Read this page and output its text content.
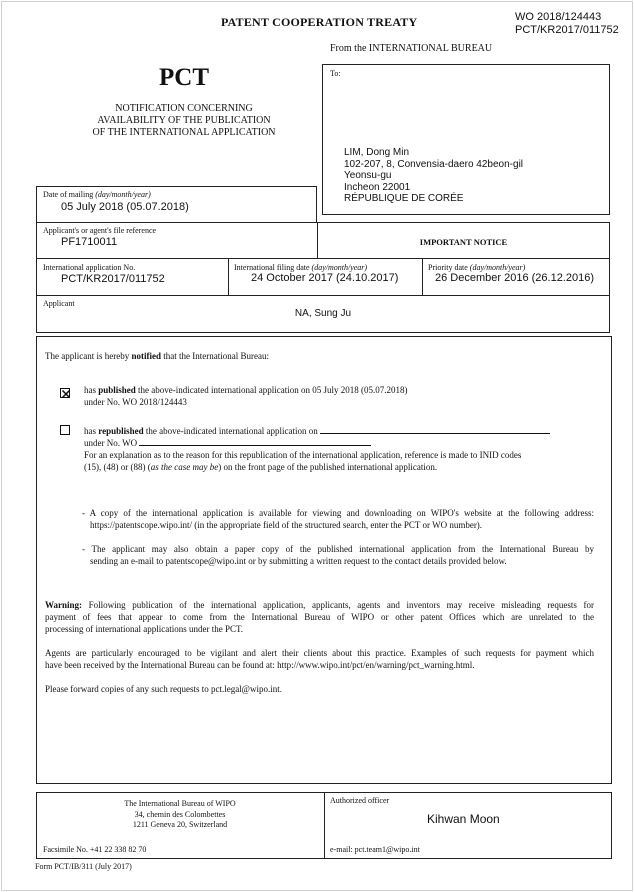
PATENT COOPERATION TREATY	WO 2018/124443
PCT/KR2017/011752
From the INTERNATIONAL BUREAU
PCT
NOTIFICATION CONCERNING
AVAILABILITY OF THE PUBLICATION
OF THE INTERNATIONAL APPLICATION
To:
LIM, Dong Min
102-207, 8, Convensia-daero 42beon-gil
Yeonsu-gu
Incheon 22001
RÉPUBLIQUE DE CORÉE
Date of mailing (day/month/year)
05 July 2018 (05.07.2018)
Applicant's or agent's file reference
PF1710011	IMPORTANT NOTICE
International application No.
PCT/KR2017/011752
International filing date (day/month/year)
24 October 2017 (24.10.2017)
Priority date (day/month/year)
26 December 2016 (26.12.2016)
Applicant
NA, Sung Ju
The applicant is hereby notified that the International Bureau:
has published the above-indicated international application on 05 July 2018 (05.07.2018)
under No. WO 2018/124443
has republished the above-indicated international application on
under No. WO
For an explanation as to the reason for this republication of the international application, reference is made to INID codes
(15), (48) or (88) (as the case may be) on the front page of the published international application.
- A copy of the international application is available for viewing and downloading on WIPO's website at the following address:
https://patentscope.wipo.int/ (in the appropriate field of the structured search, enter the PCT or WO number).
- The applicant may also obtain a paper copy of the published international application from the International Bureau by
sending an e-mail to patentscope@wipo.int or by submitting a written request to the contact details provided below.
Warning: Following publication of the international application, applicants, agents and inventors may receive misleading requests for
payment of fees that appear to come from the International Bureau of WIPO or other patent Offices which are unrelated to the
processing of international applications under the PCT.
Agents are particularly encouraged to be vigilant and alert their clients about this practice. Examples of such requests for payment which
have been received by the International Bureau can be found at: http://www.wipo.int/pct/en/warning/pct_warning.html.
Please forward copies of any such requests to pct.legal@wipo.int.
The International Bureau of WIPO
34, chemin des Colombettes
1211 Geneva 20, Switzerland
Facsimile No. +41 22 338 82 70
Authorized officer
Kihwan Moon
e-mail: pct.team1@wipo.int
Form PCT/IB/311 (July 2017)
